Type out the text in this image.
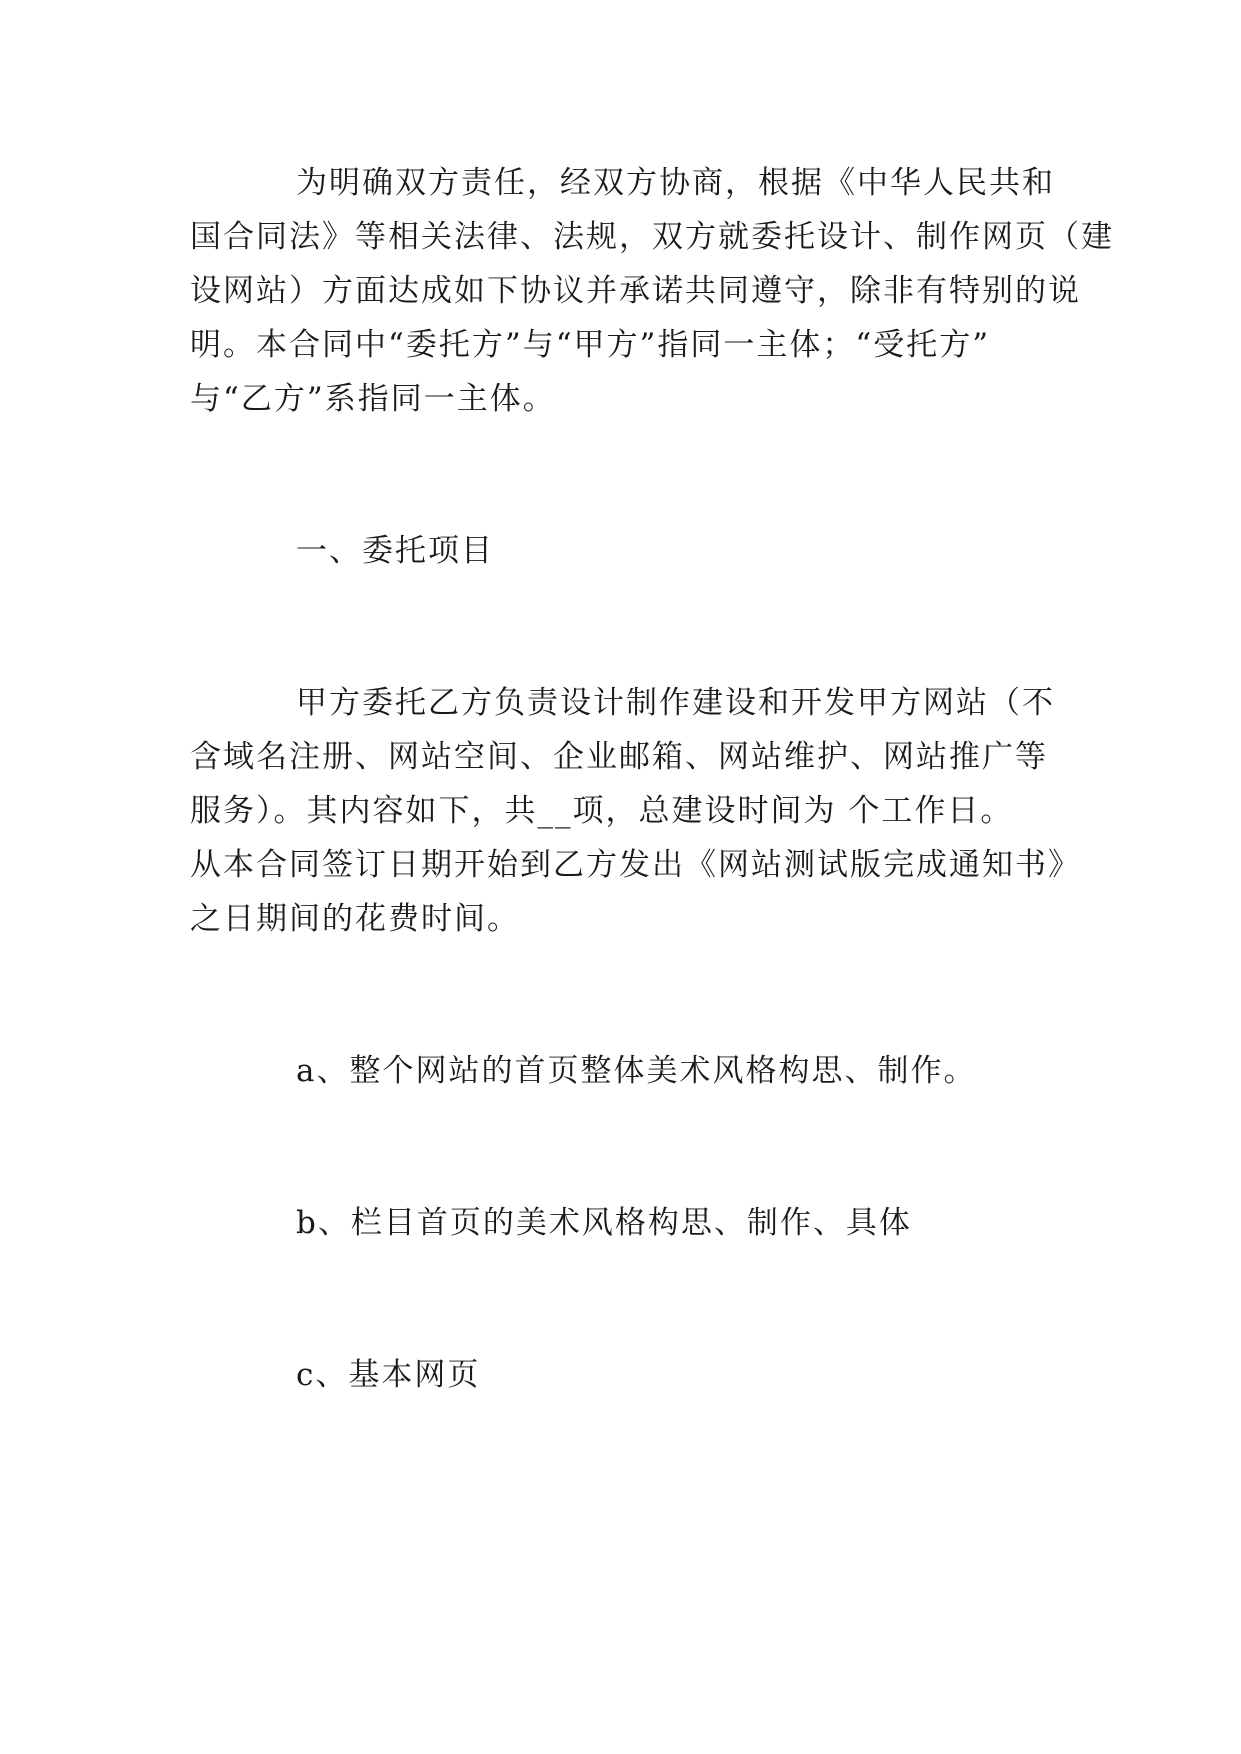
为明确双方责任，经双方协商，根据《中华人民共和
国合同法》等相关法律、法规，双方就委托设计、制作网页（建
设网站）方面达成如下协议并承诺共同遵守，除非有特别的说
明。本合同中“委托方”与“甲方”指同一主体；“受托方”
与“乙方”系指同一主体。
一、委托项目
甲方委托乙方负责设计制作建设和开发甲方网站（不
含域名注册、网站空间、企业邮箱、网站维护、网站推广等
服务）。其内容如下，共__项，总建设时间为 个工作日。
从本合同签订日期开始到乙方发出《网站测试版完成通知书》
之日期间的花费时间。
a、整个网站的首页整体美术风格构思、制作。
b、栏目首页的美术风格构思、制作、具体
c、基本网页
